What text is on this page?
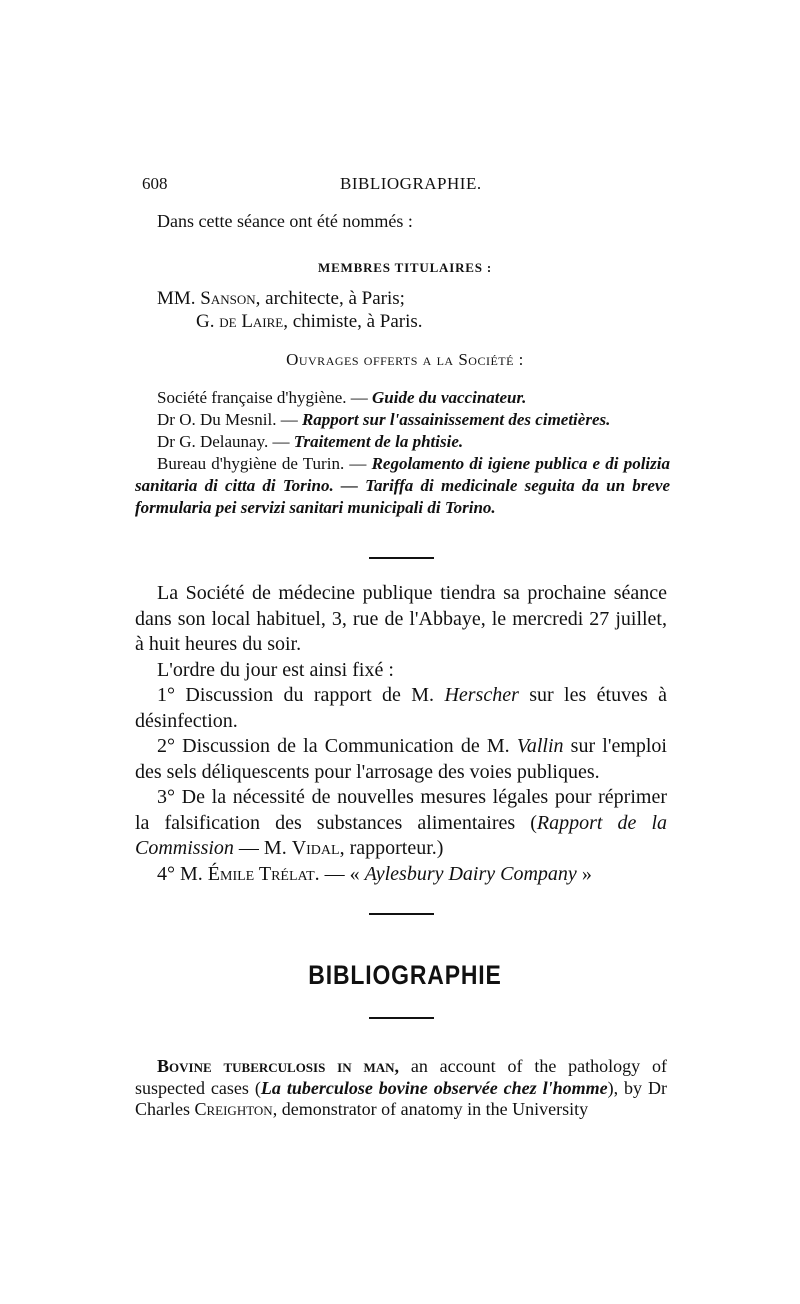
608	BIBLIOGRAPHIE.
Dans cette séance ont été nommés :
MEMBRES TITULAIRES :
MM. Sanson, architecte, à Paris;
G. de Laire, chimiste, à Paris.
Ouvrages offerts a la Société :
Société française d'hygiène. — Guide du vaccinateur.
Dr O. Du Mesnil. — Rapport sur l'assainissement des cimetières.
Dr G. Delaunay. — Traitement de la phtisie.
Bureau d'hygiène de Turin. — Regolamento di igiene publica e di polizia sanitaria di citta di Torino. — Tariffa di medicinale seguita da un breve formularia pei servizi sanitari municipali di Torino.
La Société de médecine publique tiendra sa prochaine séance dans son local habituel, 3, rue de l'Abbaye, le mercredi 27 juillet, à huit heures du soir.
L'ordre du jour est ainsi fixé :
1° Discussion du rapport de M. Herscher sur les étuves à désinfection.
2° Discussion de la Communication de M. Vallin sur l'emploi des sels déliquescents pour l'arrosage des voies publiques.
3° De la nécessité de nouvelles mesures légales pour réprimer la falsification des substances alimentaires (Rapport de la Commission — M. Vidal, rapporteur.)
4° M. Émile Trélat. — « Aylesbury Dairy Company »
BIBLIOGRAPHIE
Bovine tuberculosis in man, an account of the pathology of suspected cases (La tuberculose bovine observée chez l'homme), by Dr Charles Creighton, demonstrator of anatomy in the University
